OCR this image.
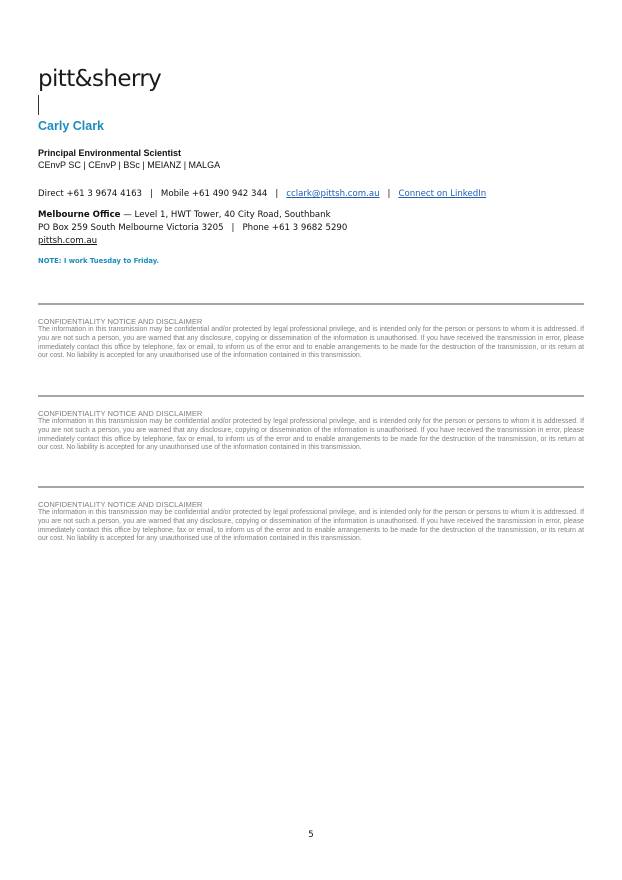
pitt&sherry
Carly Clark
Principal Environmental Scientist
CEnvP SC | CEnvP | BSc | MEIANZ | MALGA
Direct +61 3 9674 4163 | Mobile +61 490 942 344 | cclark@pittsh.com.au | Connect on LinkedIn
Melbourne Office — Level 1, HWT Tower, 40 City Road, Southbank
PO Box 259 South Melbourne Victoria 3205 | Phone +61 3 9682 5290
pittsh.com.au
NOTE: I work Tuesday to Friday.
CONFIDENTIALITY NOTICE AND DISCLAIMER
The information in this transmission may be confidential and/or protected by legal professional privilege, and is intended only for the person or persons to whom it is addressed. If you are not such a person, you are warned that any disclosure, copying or dissemination of the information is unauthorised. If you have received the transmission in error, please immediately contact this office by telephone, fax or email, to inform us of the error and to enable arrangements to be made for the destruction of the transmission, or its return at our cost. No liability is accepted for any unauthorised use of the information contained in this transmission.
CONFIDENTIALITY NOTICE AND DISCLAIMER
The information in this transmission may be confidential and/or protected by legal professional privilege, and is intended only for the person or persons to whom it is addressed. If you are not such a person, you are warned that any disclosure, copying or dissemination of the information is unauthorised. If you have received the transmission in error, please immediately contact this office by telephone, fax or email, to inform us of the error and to enable arrangements to be made for the destruction of the transmission, or its return at our cost. No liability is accepted for any unauthorised use of the information contained in this transmission.
CONFIDENTIALITY NOTICE AND DISCLAIMER
The information in this transmission may be confidential and/or protected by legal professional privilege, and is intended only for the person or persons to whom it is addressed. If you are not such a person, you are warned that any disclosure, copying or dissemination of the information is unauthorised. If you have received the transmission in error, please immediately contact this office by telephone, fax or email, to inform us of the error and to enable arrangements to be made for the destruction of the transmission, or its return at our cost. No liability is accepted for any unauthorised use of the information contained in this transmission.
5
